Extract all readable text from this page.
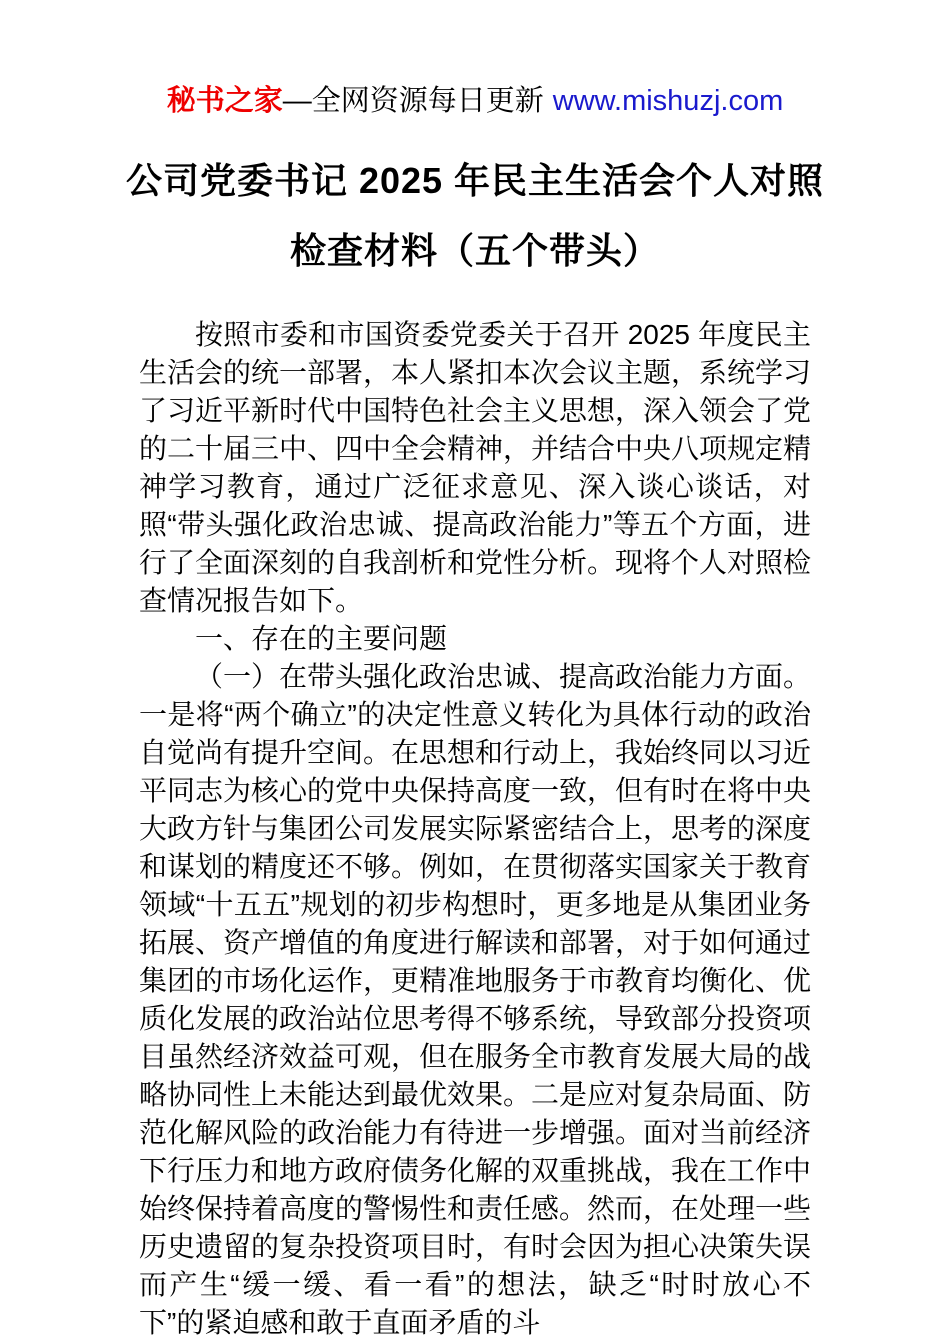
秘书之家—全网资源每日更新 www.mishuzj.com
公司党委书记 2025 年民主生活会个人对照检查材料（五个带头）

按照市委和市国资委党委关于召开 2025 年度民主生活会的统一部署，本人紧扣本次会议主题，系统学习了习近平新时代中国特色社会主义思想，深入领会了党的二十届三中、四中全会精神，并结合中央八项规定精神学习教育，通过广泛征求意见、深入谈心谈话，对照“带头强化政治忠诚、提高政治能力”等五个方面，进行了全面深刻的自我剖析和党性分析。现将个人对照检查情况报告如下。

一、存在的主要问题

（一）在带头强化政治忠诚、提高政治能力方面。一是将“两个确立”的决定性意义转化为具体行动的政治自觉尚有提升空间。在思想和行动上，我始终同以习近平同志为核心的党中央保持高度一致，但有时在将中央大政方针与集团公司发展实际紧密结合上，思考的深度和谋划的精度还不够。例如，在贯彻落实国家关于教育领域“十五五”规划的初步构想时，更多地是从集团业务拓展、资产增值的角度进行解读和部署，对于如何通过集团的市场化运作，更精准地服务于市教育均衡化、优质化发展的政治站位思考得不够系统，导致部分投资项目虽然经济效益可观，但在服务全市教育发展大局的战略协同性上未能达到最优效果。二是应对复杂局面、防范化解风险的政治能力有待进一步增强。面对当前经济下行压力和地方政府债务化解的双重挑战，我在工作中始终保持着高度的警惕性和责任感。然而，在处理一些历史遗留的复杂投资项目时，有时会因为担心决策失误而产生“缓一缓、看一看”的想法，缺乏“时时放心不下”的紧迫感和敢于直面矛盾的斗
